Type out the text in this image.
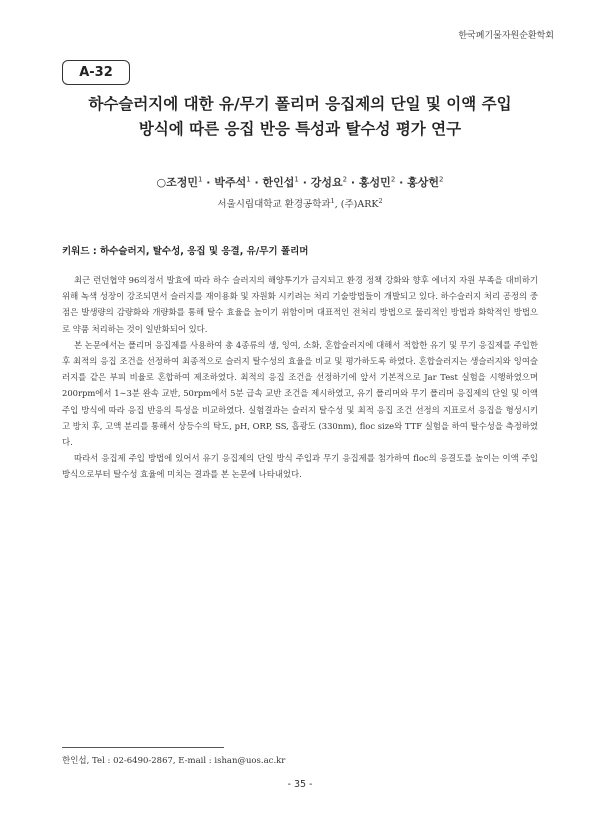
한국폐기물자원순환학회
A-32
하수슬러지에 대한 유/무기 폴리머 응집제의 단일 및 이액 주입
방식에 따른 응집 반응 특성과 탈수성 평가 연구
○조정민$^1$ · 박주석$^1$ · 한인섭$^1$ · 강성요$^2$ · 홍성민$^2$ · 홍상헌$^2$
서울시립대학교 환경공학과$^1$, (주)ARK$^2$
키워드 : 하수슬러지, 탈수성, 응집 및 응결, 유/무기 폴리머

최근 런던협약 96의정서 발효에 따라 하수 슬러지의 해양투기가 금지되고 환경 정책 강화와 향후 에너지 자원 부족을 대비하기 위해 녹색 성장이 강조되면서 슬러지를 재이용화 및 자원화 시키려는 처리 기술방법들이 개발되고 있다. 하수슬러지 처리 공정의 중점은 발생량의 감량화와 개량화를 통해 탈수 효율을 높이기 위함이며 대표적인 전처리 방법으로 물리적인 방법과 화학적인 방법으로 약품 처리하는 것이 일반화되어 있다.

본 논문에서는 폴리머 응집제를 사용하여 총 4종류의 생, 잉여, 소화, 혼합슬러지에 대해서 적합한 유기 및 무기 응집제를 주입한 후 최적의 응집 조건을 선정하여 최종적으로 슬러지 탈수성의 효율을 비교 및 평가하도록 하였다. 혼합슬러지는 생슬러지와 잉여슬러지를 같은 부피 비율로 혼합하여 제조하였다. 최적의 응집 조건을 선정하기에 앞서 기본적으로 Jar Test 실험을 시행하였으며 200rpm에서 1∼3분 완속 교반, 50rpm에서 5분 급속 교반 조건을 제시하였고, 유기 폴리머와 무기 폴리머 응집제의 단일 및 이액 주입 방식에 따라 응집 반응의 특성을 비교하였다. 실험결과는 슬러지 탈수성 및 최적 응집 조건 선정의 지표로서 응집을 형성시키고 방치 후, 고액 분리를 통해서 상등수의 탁도, pH, ORP, SS, 흡광도 (330nm), floc size와 TTF 실험을 하여 탈수성을 측정하였다.

따라서 응집제 주입 방법에 있어서 유기 응집제의 단일 방식 주입과 무기 응집제를 첨가하여 floc의 응결도를 높이는 이액 주입 방식으로부터 탈수성 효율에 미치는 결과를 본 논문에 나타내었다.

한인섭, Tel : 02-6490-2867, E-mail : ishan@uos.ac.kr
- 35 -
